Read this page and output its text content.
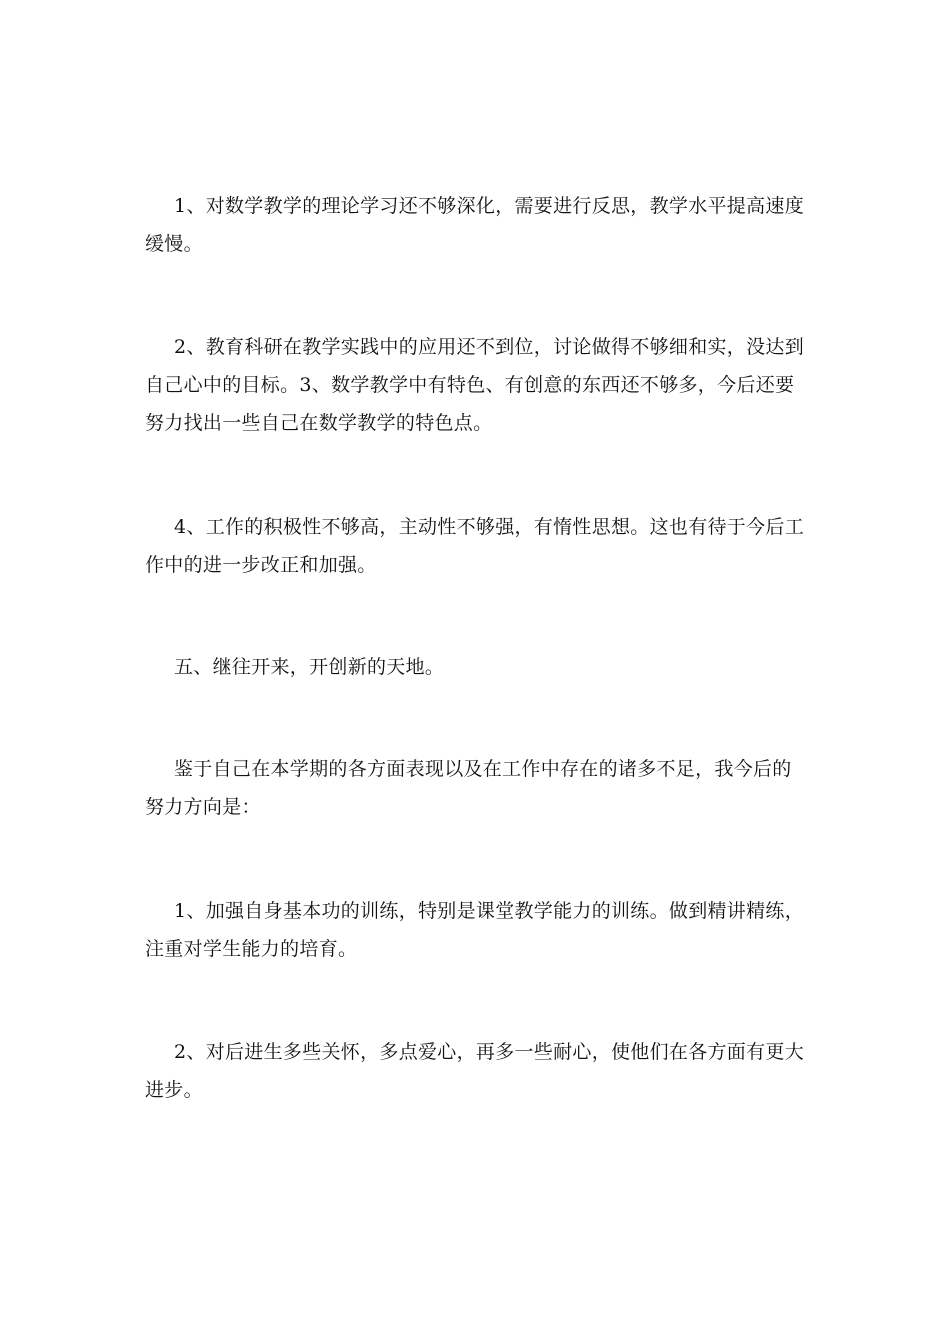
1、对数学教学的理论学习还不够深化，需要进行反思，教学水平提高速度缓慢。

2、教育科研在教学实践中的应用还不到位，讨论做得不够细和实，没达到自己心中的目标。3、数学教学中有特色、有创意的东西还不够多，今后还要努力找出一些自己在数学教学的特色点。

4、工作的积极性不够高，主动性不够强，有惰性思想。这也有待于今后工作中的进一步改正和加强。

五、继往开来，开创新的天地。

鉴于自己在本学期的各方面表现以及在工作中存在的诸多不足，我今后的努力方向是：

1、加强自身基本功的训练，特别是课堂教学能力的训练。做到精讲精练，注重对学生能力的培育。

2、对后进生多些关怀，多点爱心，再多一些耐心，使他们在各方面有更大进步。
